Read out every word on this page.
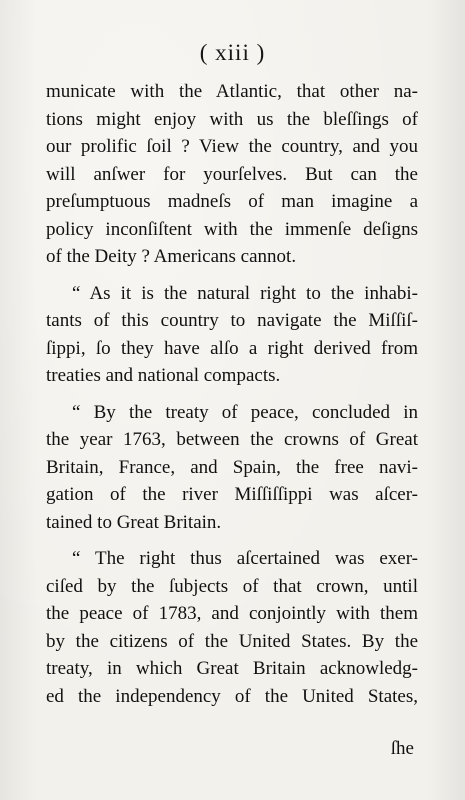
( xiii )
municate with the Atlantic, that other na-
tions might enjoy with us the bleſſings of
our prolific ſoil ? View the country, and you
will anſwer for yourſelves. But can the
preſumptuous madneſs of man imagine a
policy inconſiſtent with the immenſe deſigns
of the Deity ? Americans cannot.
“ As it is the natural right to the inhabi-
tants of this country to navigate the Miſſiſ-
ſippi, ſo they have alſo a right derived from
treaties and national compacts.
“ By the treaty of peace, concluded in
the year 1763, between the crowns of Great
Britain, France, and Spain, the free navi-
gation of the river Miſſiſſippi was aſcer-
tained to Great Britain.
“ The right thus aſcertained was exer-
ciſed by the ſubjects of that crown, until
the peace of 1783, and conjointly with them
by the citizens of the United States. By the
treaty, in which Great Britain acknowledg-
ed the independency of the United States,
ſhe
